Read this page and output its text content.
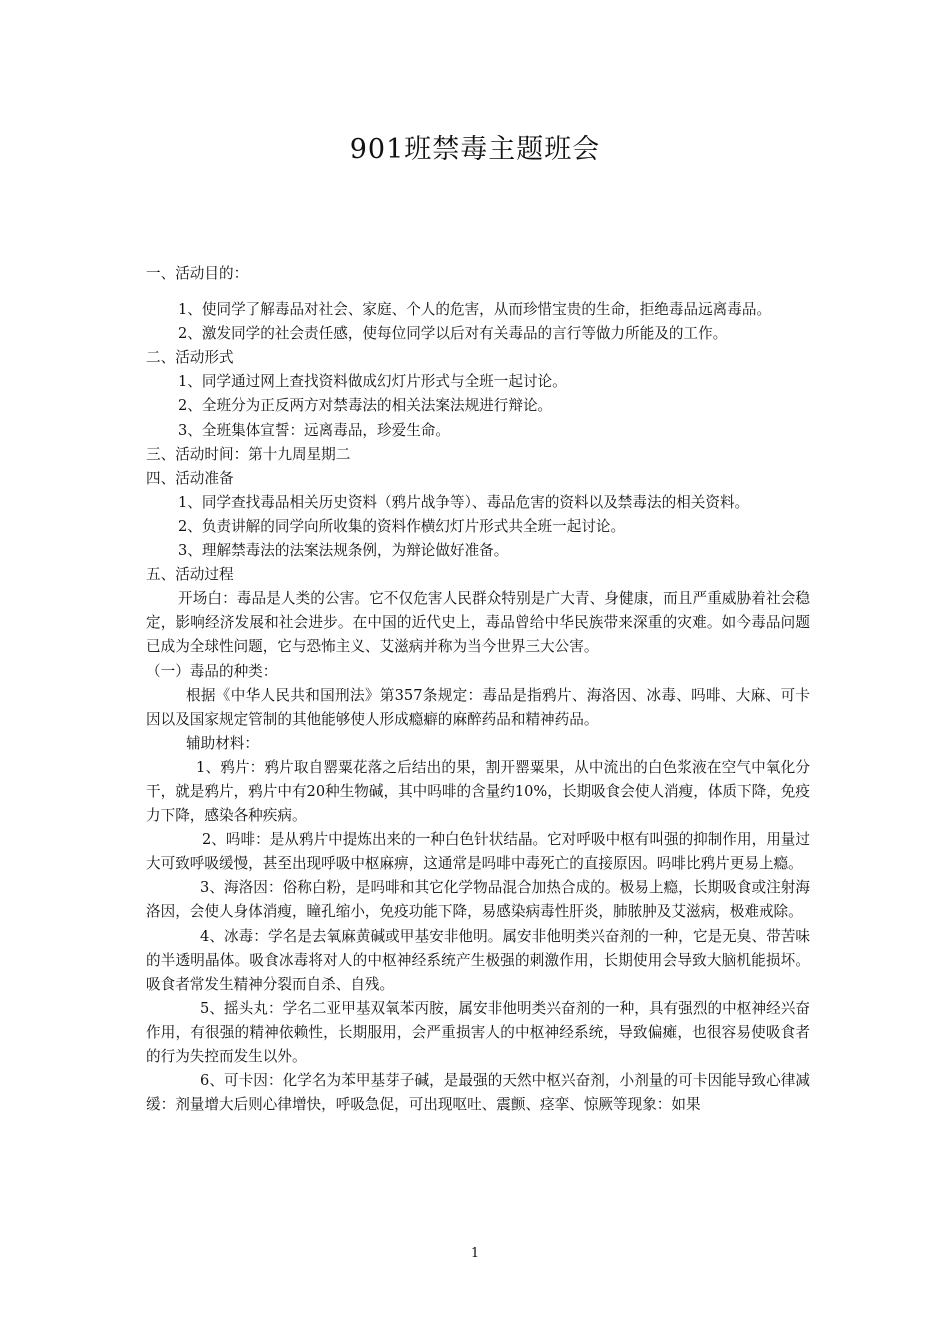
901班禁毒主题班会
一、活动目的：
1、使同学了解毒品对社会、家庭、个人的危害，从而珍惜宝贵的生命，拒绝毒品远离毒品。
2、激发同学的社会责任感，使每位同学以后对有关毒品的言行等做力所能及的工作。
二、活动形式
1、同学通过网上查找资料做成幻灯片形式与全班一起讨论。
2、全班分为正反两方对禁毒法的相关法案法规进行辩论。
3、全班集体宣誓：远离毒品，珍爱生命。
三、活动时间：第十九周星期二
四、活动准备
1、同学查找毒品相关历史资料（鸦片战争等）、毒品危害的资料以及禁毒法的相关资料。
2、负责讲解的同学向所收集的资料作横幻灯片形式共全班一起讨论。
3、理解禁毒法的法案法规条例，为辩论做好准备。
五、活动过程
开场白：毒品是人类的公害。它不仅危害人民群众特别是广大青、身健康，而且严重威胁着社会稳定，影响经济发展和社会进步。在中国的近代史上，毒品曾给中华民族带来深重的灾难。如今毒品问题已成为全球性问题，它与恐怖主义、艾滋病并称为当今世界三大公害。
（一）毒品的种类：
根据《中华人民共和国刑法》第357条规定：毒品是指鸦片、海洛因、冰毒、吗啡、大麻、可卡因以及国家规定管制的其他能够使人形成瘾癖的麻醉药品和精神药品。
辅助材料：
1、鸦片：鸦片取自罂粟花落之后结出的果，割开罂粟果，从中流出的白色浆液在空气中氧化分干，就是鸦片，鸦片中有20种生物碱，其中吗啡的含量约10%，长期吸食会使人消瘦，体质下降，免疫力下降，感染各种疾病。
2、吗啡：是从鸦片中提炼出来的一种白色针状结晶。它对呼吸中枢有叫强的抑制作用，用量过大可致呼吸缓慢，甚至出现呼吸中枢麻痹，这通常是吗啡中毒死亡的直接原因。吗啡比鸦片更易上瘾。
3、海洛因：俗称白粉，是吗啡和其它化学物品混合加热合成的。极易上瘾，长期吸食或注射海洛因，会使人身体消瘦，瞳孔缩小，免疫功能下降，易感染病毒性肝炎，肺脓肿及艾滋病，极难戒除。
4、冰毒：学名是去氧麻黄碱或甲基安非他明。属安非他明类兴奋剂的一种，它是无臭、带苦味的半透明晶体。吸食冰毒将对人的中枢神经系统产生极强的刺激作用，长期使用会导致大脑机能损坏。吸食者常发生精神分裂而自杀、自残。
5、摇头丸：学名二亚甲基双氧苯丙胺，属安非他明类兴奋剂的一种，具有强烈的中枢神经兴奋作用，有很强的精神依赖性，长期服用，会严重损害人的中枢神经系统，导致偏瘫，也很容易使吸食者的行为失控而发生以外。
6、可卡因：化学名为苯甲基芽子碱，是最强的天然中枢兴奋剂，小剂量的可卡因能导致心律减缓：剂量增大后则心律增快，呼吸急促，可出现呕吐、震颤、痉挛、惊厥等现象：如果
1
